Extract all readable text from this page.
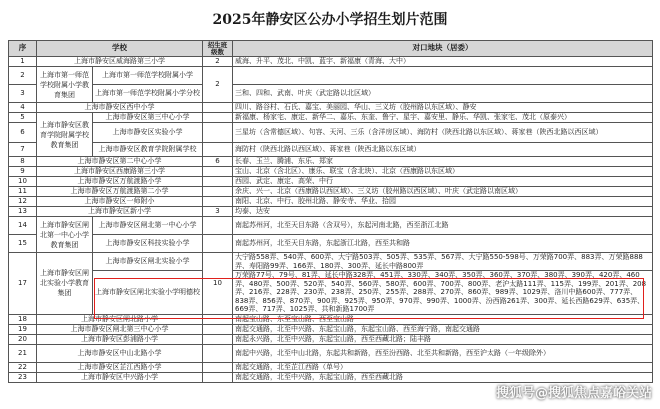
2025年静安区公办小学招生划片范围
序	学校		招生班级数	对口地块（居委）
1	上海市静安区威海路第三小学		2	威海、升平、茂北、中凯、蓝宇、新福康（青海、大中）
2	上海市第一师范学校附属小学教育集团	上海市第一师范学校附属小学	2	
3		上海市第一师范学校附属小学分校		三和、四和、武南、叶庆（武定路以北区域）
4	上海市静安区西中小学			四川、路谷村、石氏、嘉宝、美丽园、华山、三义坊（胶州路以东区域）、静安
5	上海市静安区教育学院附属学校教育集团	上海市静安区第三中心小学		新福康、杨家宅、康定、新华二、嘉乐、东奎、鲁宁、星宇、嘉安里、静乐、华凯、张家宅、茂北（原泰兴）
6		上海市静安区实验小学		三星坊（含常德区域）、句容、天河、三乐（含洋房区域）、海防村（陕西北路以东区域）、蒋家巷（陕西北路以西区域）
7		上海市静安区教育学院附属学校		海防村（陕西北路以西区域）、蒋家巷（陕西北路以东区域）
8	上海市静安区第二中心小学		6	长春、玉兰、腾浦、东乐、郑家
9	上海市静安区西康路第三小学			宝山、北京（含北区）、康乐、联宝（含北块）、北京（西康路以东区域）
10	上海市静安区万航渡路小学			西园、武定、康定、高荣、中行
11	上海市静安区万航渡路第二小学			余庆、兴一、北京（西康路以西区域）、三义坊（胶州路以西区域）、叶庆（武定路以南区域）
12	上海市静安区一师附小			南阳、北京、中行、胶州北路、静安寺、华业、拾园
13	上海市静安区新小学		3	均泰、达安
14	上海市静安区闸北第一中心小学教育集团	上海市静安区闸北第一中心小学		南起苏州河，北至天目东路（含双号），东起河南北路，西至浙江北路
15		上海市静安区科技实验小学		南起苏州河，北至天目东路，东起浙江北路，西至共和路
17	上海市静安区闸北实验小学教育集团	上海市静安区闸北实验小学	10	大宁路558弄、540弄、600弄、大宁路503弄、505弄、535弄、567弄、大宁路550-598号、万荣路700弄、883弄、万荣路888弄、寿阳路99弄、166弄、180弄、300弄、延长中路800弄
		上海市静安区闸北实验小学明德校		万荣路77号、79号、81弄、延长中路328弄、451弄、330弄、340弄、350弄、360弄、370弄、380弄、390弄、420弄、460弄、480弄、500弄、520弄、540弄、560弄、580弄、600弄、700弄、800弄、老沪太路111弄、115弄、199弄、201弄、208弄、216弄、228弄、230弄、238弄、250弄、255弄、288弄、270弄、860弄、989弄、1029弄、洛川中路600弄、777弄、838弄、856弄、870弄、900弄、925弄、950弄、970弄、990弄、1000弄、汾西路261弄、300弄、延长西路629弄、635弄、669弄、717弄、1025弄、共和新路1700弄
18	上海市静安区闸北路小学			南起宝山路、东至宝山路、西至宝山路
19	上海市静安区闸北第三中心小学			南起交通路，北至中兴路、东起宝山路，东起宝山路、西至海宁路，南起交通路
20	上海市静安区彭浦路小学			南起永兴路，北至中兴路，东起宝山路，西至西藏北路；陆丰路
21	上海市静安区中山北路小学			南起中兴路，北至中山北路，东起共和新路，西至汾西路、北至共和新路，西至沪太路（一年级除外）
22	上海市静安区芷江西路小学			南起交通路，北至芷江西路（单号）
23	上海市静安区中兴路小学			南起交通路，北至中兴路，东起宝山路，西至西藏北路
搜狐号@搜狐焦点嘉峪关站
